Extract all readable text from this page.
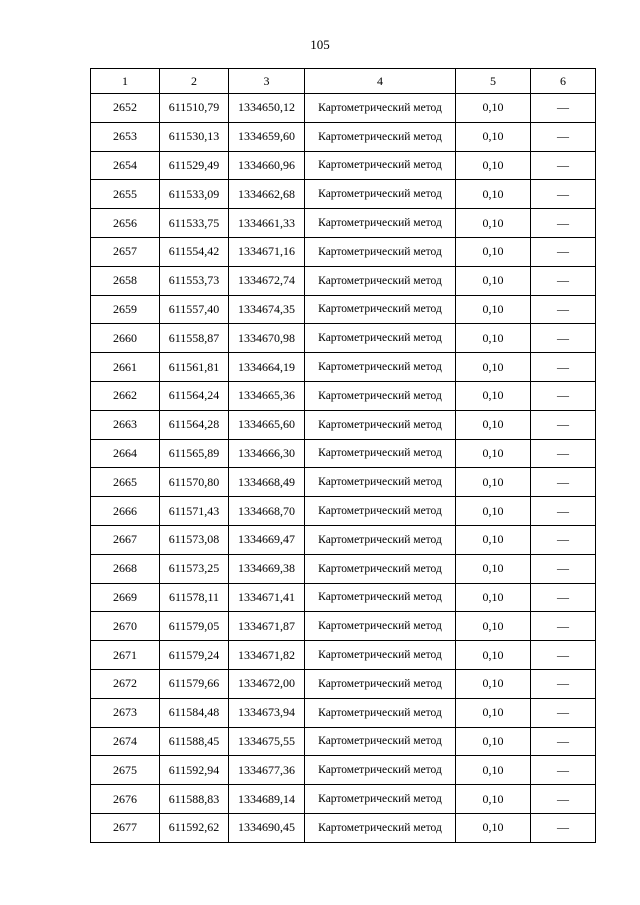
105
1	2	3	4	5	6
2652	611510,79	1334650,12	Картометрический метод	0,10	—
2653	611530,13	1334659,60	Картометрический метод	0,10	—
2654	611529,49	1334660,96	Картометрический метод	0,10	—
2655	611533,09	1334662,68	Картометрический метод	0,10	—
2656	611533,75	1334661,33	Картометрический метод	0,10	—
2657	611554,42	1334671,16	Картометрический метод	0,10	—
2658	611553,73	1334672,74	Картометрический метод	0,10	—
2659	611557,40	1334674,35	Картометрический метод	0,10	—
2660	611558,87	1334670,98	Картометрический метод	0,10	—
2661	611561,81	1334664,19	Картометрический метод	0,10	—
2662	611564,24	1334665,36	Картометрический метод	0,10	—
2663	611564,28	1334665,60	Картометрический метод	0,10	—
2664	611565,89	1334666,30	Картометрический метод	0,10	—
2665	611570,80	1334668,49	Картометрический метод	0,10	—
2666	611571,43	1334668,70	Картометрический метод	0,10	—
2667	611573,08	1334669,47	Картометрический метод	0,10	—
2668	611573,25	1334669,38	Картометрический метод	0,10	—
2669	611578,11	1334671,41	Картометрический метод	0,10	—
2670	611579,05	1334671,87	Картометрический метод	0,10	—
2671	611579,24	1334671,82	Картометрический метод	0,10	—
2672	611579,66	1334672,00	Картометрический метод	0,10	—
2673	611584,48	1334673,94	Картометрический метод	0,10	—
2674	611588,45	1334675,55	Картометрический метод	0,10	—
2675	611592,94	1334677,36	Картометрический метод	0,10	—
2676	611588,83	1334689,14	Картометрический метод	0,10	—
2677	611592,62	1334690,45	Картометрический метод	0,10	—
